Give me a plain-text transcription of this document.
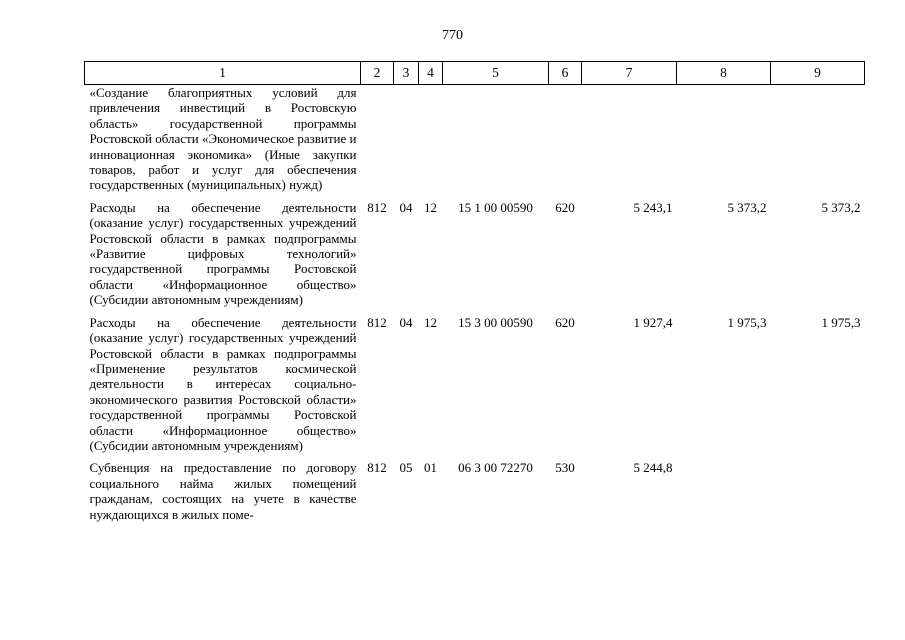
770
1	2	3	4	5	6	7	8	9
«Создание благоприятных условий для привлечения инвестиций в Ростовскую область» государственной программы Ростовской области «Экономическое развитие и инновационная экономика» (Иные закупки товаров, работ и услуг для обеспечения государственных (муниципальных) нужд)								
Расходы на обеспечение деятельности (оказание услуг) государственных учреждений Ростовской области в рамках подпрограммы «Развитие цифровых технологий» государственной программы Ростовской области «Информационное общество» (Субсидии автономным учреждениям)	812	04	12	15 1 00 00590	620	5 243,1	5 373,2	5 373,2
Расходы на обеспечение деятельности (оказание услуг) государственных учреждений Ростовской области в рамках подпрограммы «Применение результатов космической деятельности в интересах социально-экономического развития Ростовской области» государственной программы Ростовской области «Информационное общество» (Субсидии автономным учреждениям)	812	04	12	15 3 00 00590	620	1 927,4	1 975,3	1 975,3
Субвенция на предоставление по договору социального найма жилых помещений гражданам, состоящих на учете в качестве нуждающихся в жилых поме-	812	05	01	06 3 00 72270	530	5 244,8		
